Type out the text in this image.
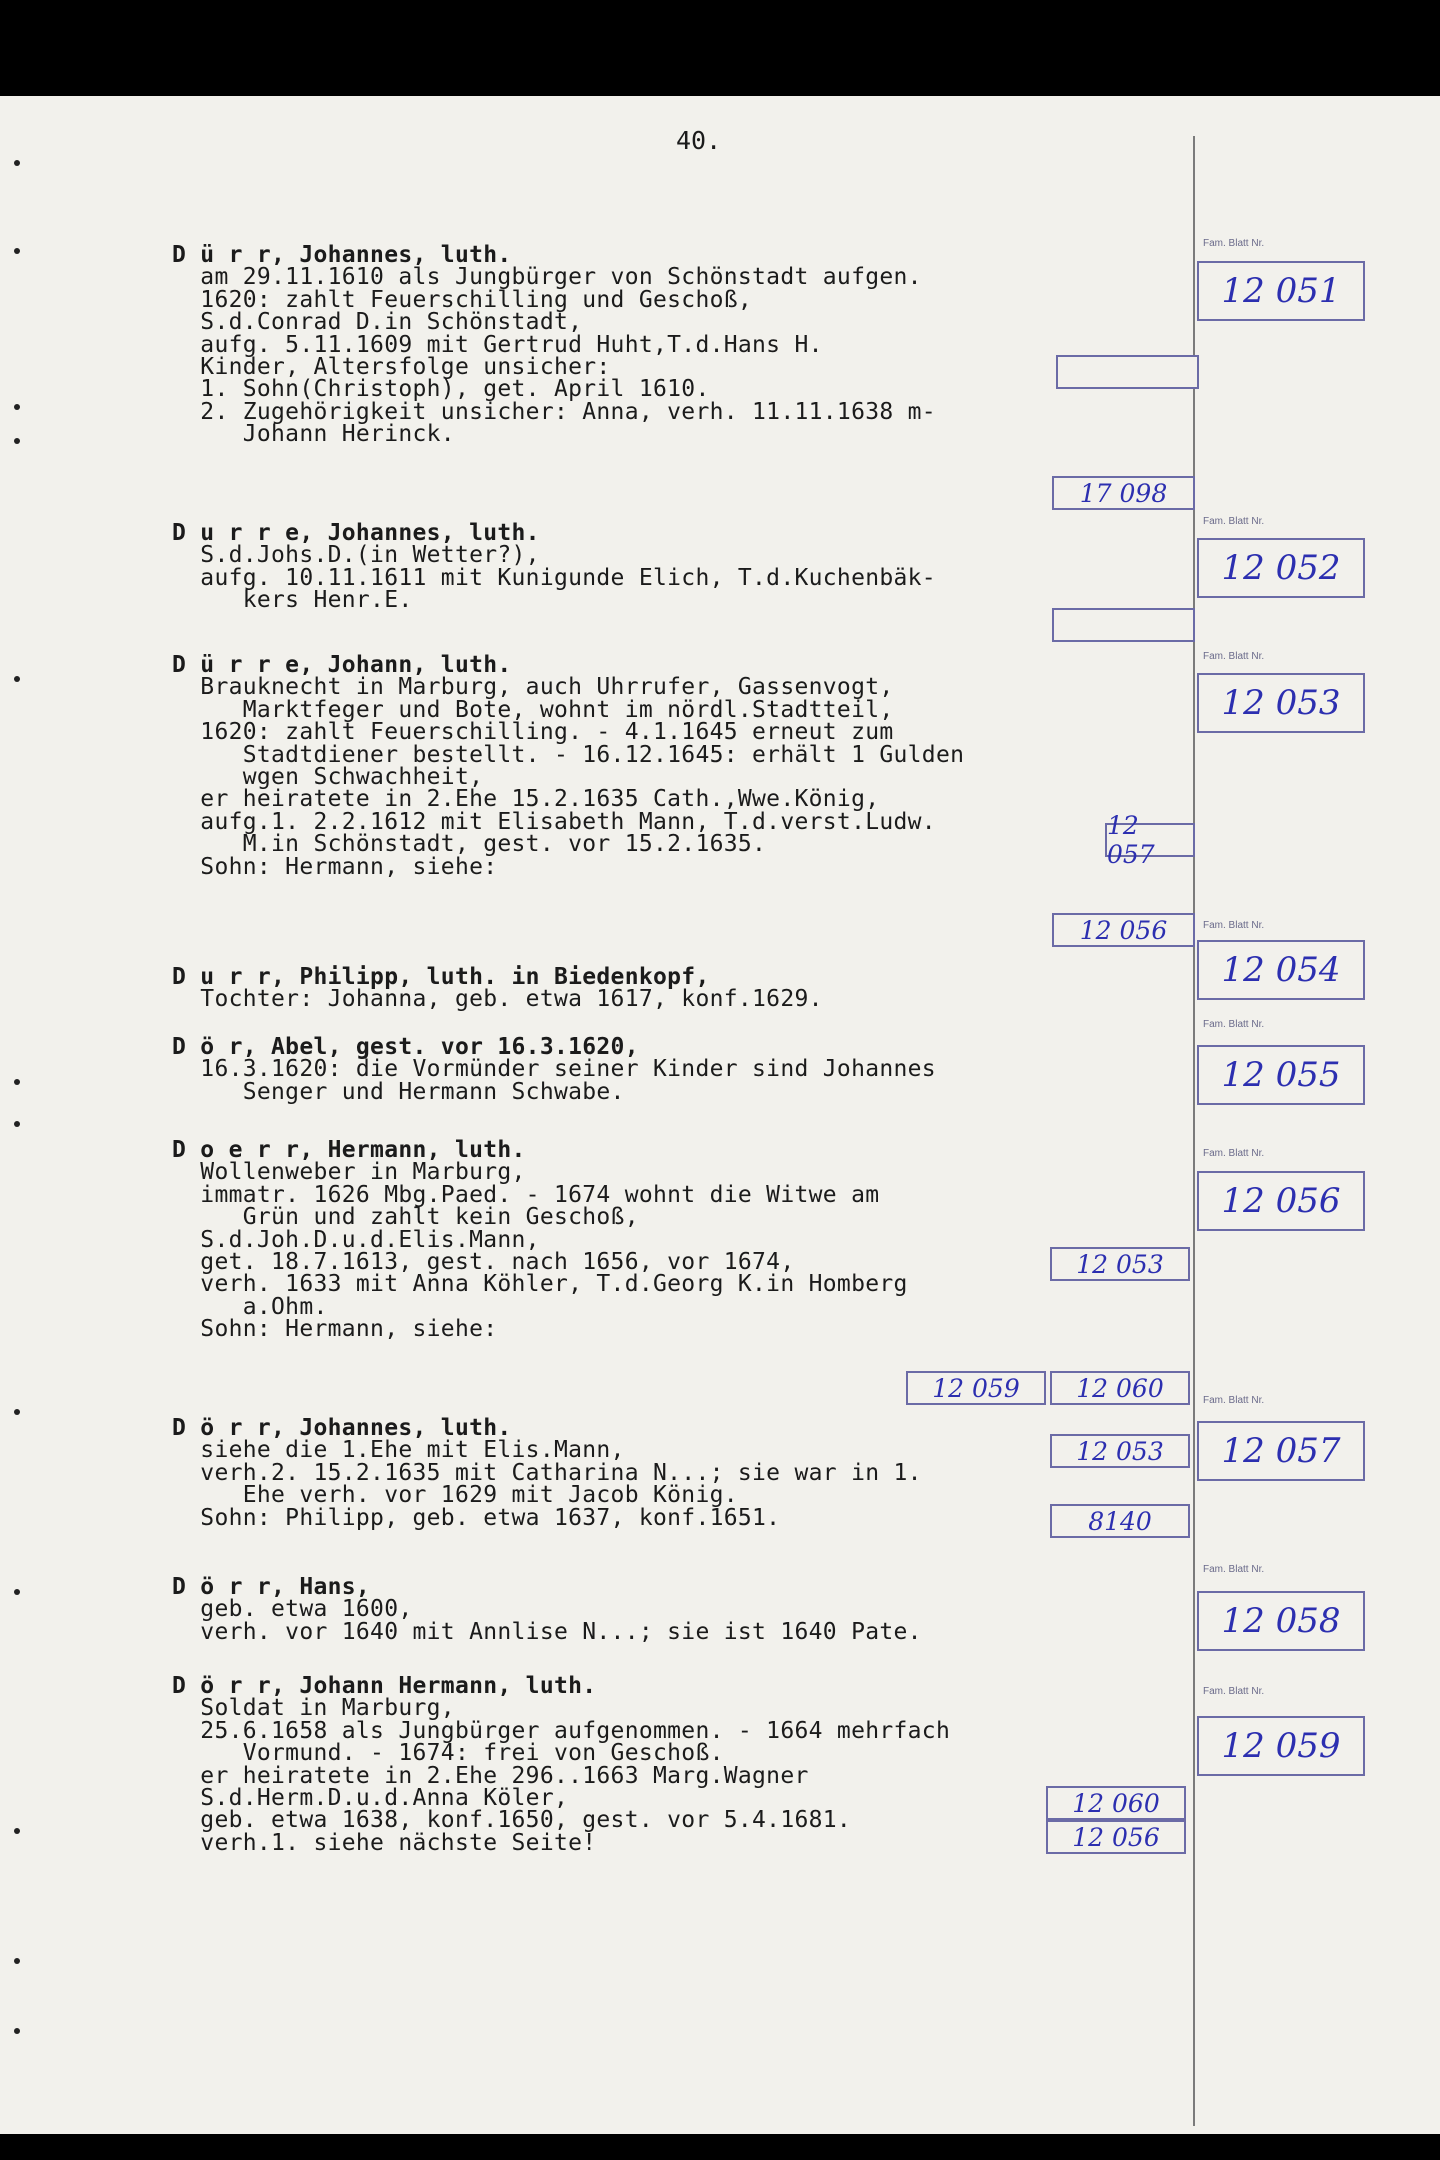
40.
D ü r r, Johannes, luth.
am 29.11.1610 als Jungbürger von Schönstadt aufgen.
1620: zahlt Feuerschilling und Geschoß,
S.d.Conrad D.in Schönstadt,
aufg. 5.11.1609 mit Gertrud Huht,T.d.Hans H.
Kinder, Altersfolge unsicher:
1. Sohn(Christoph), get. April 1610.
2. Zugehörigkeit unsicher: Anna, verh. 11.11.1638 m-
Johann Herinck.
D u r r e, Johannes, luth.
S.d.Johs.D.(in Wetter?),
aufg. 10.11.1611 mit Kunigunde Elich, T.d.Kuchenbäk-
kers Henr.E.
D ü r r e, Johann, luth.
Brauknecht in Marburg, auch Uhrrufer, Gassenvogt,
Marktfeger und Bote, wohnt im nördl.Stadtteil,
1620: zahlt Feuerschilling. - 4.1.1645 erneut zum
Stadtdiener bestellt. - 16.12.1645: erhält 1 Gulden
wgen Schwachheit,
er heiratete in 2.Ehe 15.2.1635 Cath.,Wwe.König,
aufg.1. 2.2.1612 mit Elisabeth Mann, T.d.verst.Ludw.
M.in Schönstadt, gest. vor 15.2.1635.
Sohn: Hermann, siehe:
D u r r, Philipp, luth. in Biedenkopf,
Tochter: Johanna, geb. etwa 1617, konf.1629.
D ö r, Abel, gest. vor 16.3.1620,
16.3.1620: die Vormünder seiner Kinder sind Johannes
Senger und Hermann Schwabe.
D o e r r, Hermann, luth.
Wollenweber in Marburg,
immatr. 1626 Mbg.Paed. - 1674 wohnt die Witwe am
Grün und zahlt kein Geschoß,
S.d.Joh.D.u.d.Elis.Mann,
get. 18.7.1613, gest. nach 1656, vor 1674,
verh. 1633 mit Anna Köhler, T.d.Georg K.in Homberg
a.Ohm.
Sohn: Hermann, siehe:
D ö r r, Johannes, luth.
siehe die 1.Ehe mit Elis.Mann,
verh.2. 15.2.1635 mit Catharina N...; sie war in 1.
Ehe verh. vor 1629 mit Jacob König.
Sohn: Philipp, geb. etwa 1637, konf.1651.
D ö r r, Hans,
geb. etwa 1600,
verh. vor 1640 mit Annlise N...; sie ist 1640 Pate.
D ö r r, Johann Hermann, luth.
Soldat in Marburg,
25.6.1658 als Jungbürger aufgenommen. - 1664 mehrfach
Vormund. - 1674: frei von Geschoß.
er heiratete in 2.Ehe 296..1663 Marg.Wagner
S.d.Herm.D.u.d.Anna Köler,
geb. etwa 1638, konf.1650, gest. vor 5.4.1681.
verh.1. siehe nächste Seite!
Fam. Blatt Nr.
12 051
Fam. Blatt Nr.
12 052
Fam. Blatt Nr.
12 053
Fam. Blatt Nr.
12 054
Fam. Blatt Nr.
12 055
Fam. Blatt Nr.
12 056
Fam. Blatt Nr.
12 057
Fam. Blatt Nr.
12 058
Fam. Blatt Nr.
12 059
17 098
12 057
12 056
12 053
12 059	12 060
12 053
8140
12 060
12 056
